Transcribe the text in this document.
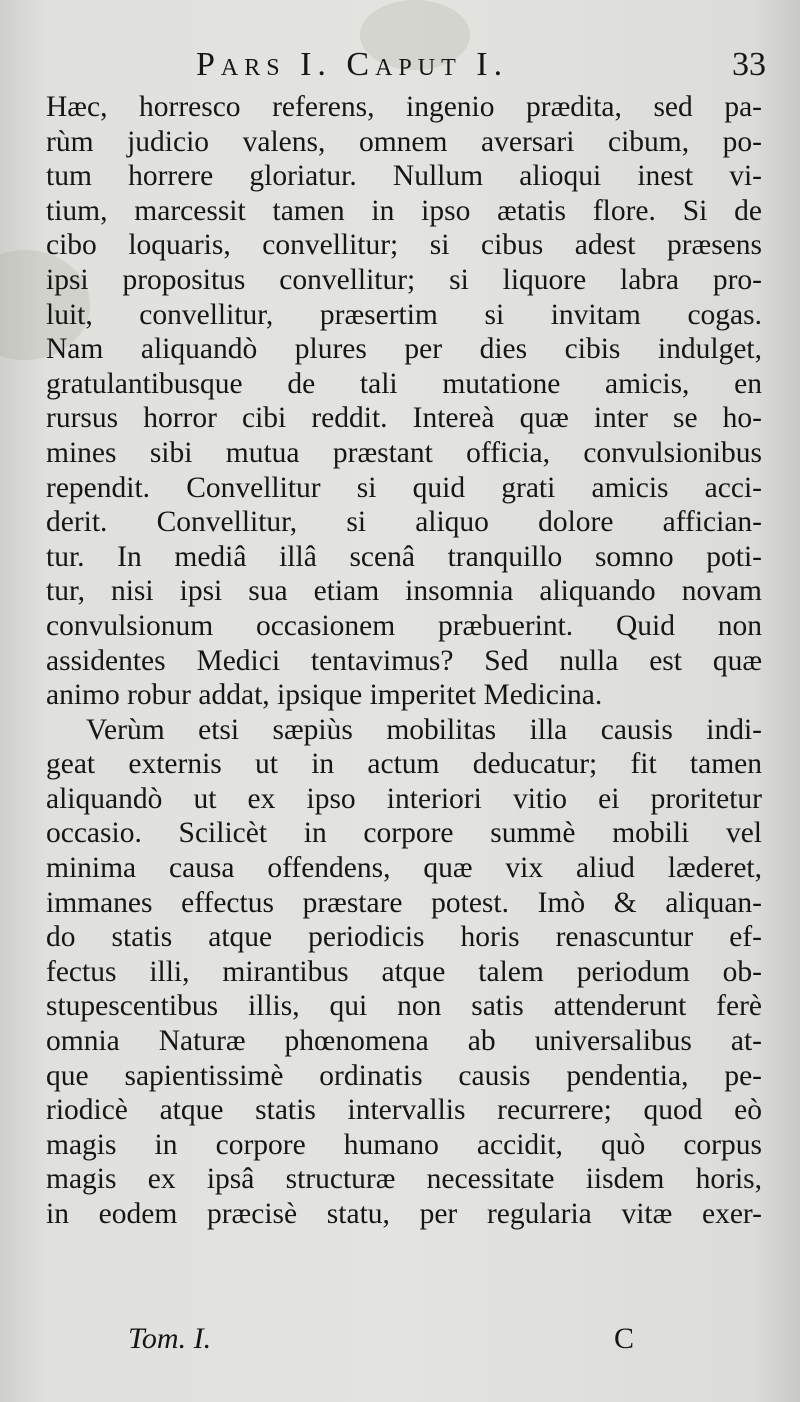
Pars I. Caput I.	33
Hæc, horresco referens, ingenio prædita, sed pa-
rùm judicio valens, omnem aversari cibum, po-
tum horrere gloriatur. Nullum alioqui inest vi-
tium, marcessit tamen in ipso ætatis flore. Si de
cibo loquaris, convellitur; si cibus adest præsens
ipsi propositus convellitur; si liquore labra pro-
luit, convellitur, præsertim si invitam cogas.
Nam aliquandò plures per dies cibis indulget,
gratulantibusque de tali mutatione amicis, en
rursus horror cibi reddit. Intereà quæ inter se ho-
mines sibi mutua præstant officia, convulsionibus
rependit. Convellitur si quid grati amicis acci-
derit. Convellitur, si aliquo dolore affician-
tur. In mediâ illâ scenâ tranquillo somno poti-
tur, nisi ipsi sua etiam insomnia aliquando novam
convulsionum occasionem præbuerint. Quid non
assidentes Medici tentavimus? Sed nulla est quæ
animo robur addat, ipsique imperitet Medicina.
Verùm etsi sæpiùs mobilitas illa causis indi-
geat externis ut in actum deducatur; fit tamen
aliquandò ut ex ipso interiori vitio ei proritetur
occasio. Scilicèt in corpore summè mobili vel
minima causa offendens, quæ vix aliud læderet,
immanes effectus præstare potest. Imò & aliquan-
do statis atque periodicis horis renascuntur ef-
fectus illi, mirantibus atque talem periodum ob-
stupescentibus illis, qui non satis attenderunt ferè
omnia Naturæ phœnomena ab universalibus at-
que sapientissimè ordinatis causis pendentia, pe-
riodicè atque statis intervallis recurrere; quod eò
magis in corpore humano accidit, quò corpus
magis ex ipsâ structuræ necessitate iisdem horis,
in eodem præcisè statu, per regularia vitæ exer-
Tom. I.	C
